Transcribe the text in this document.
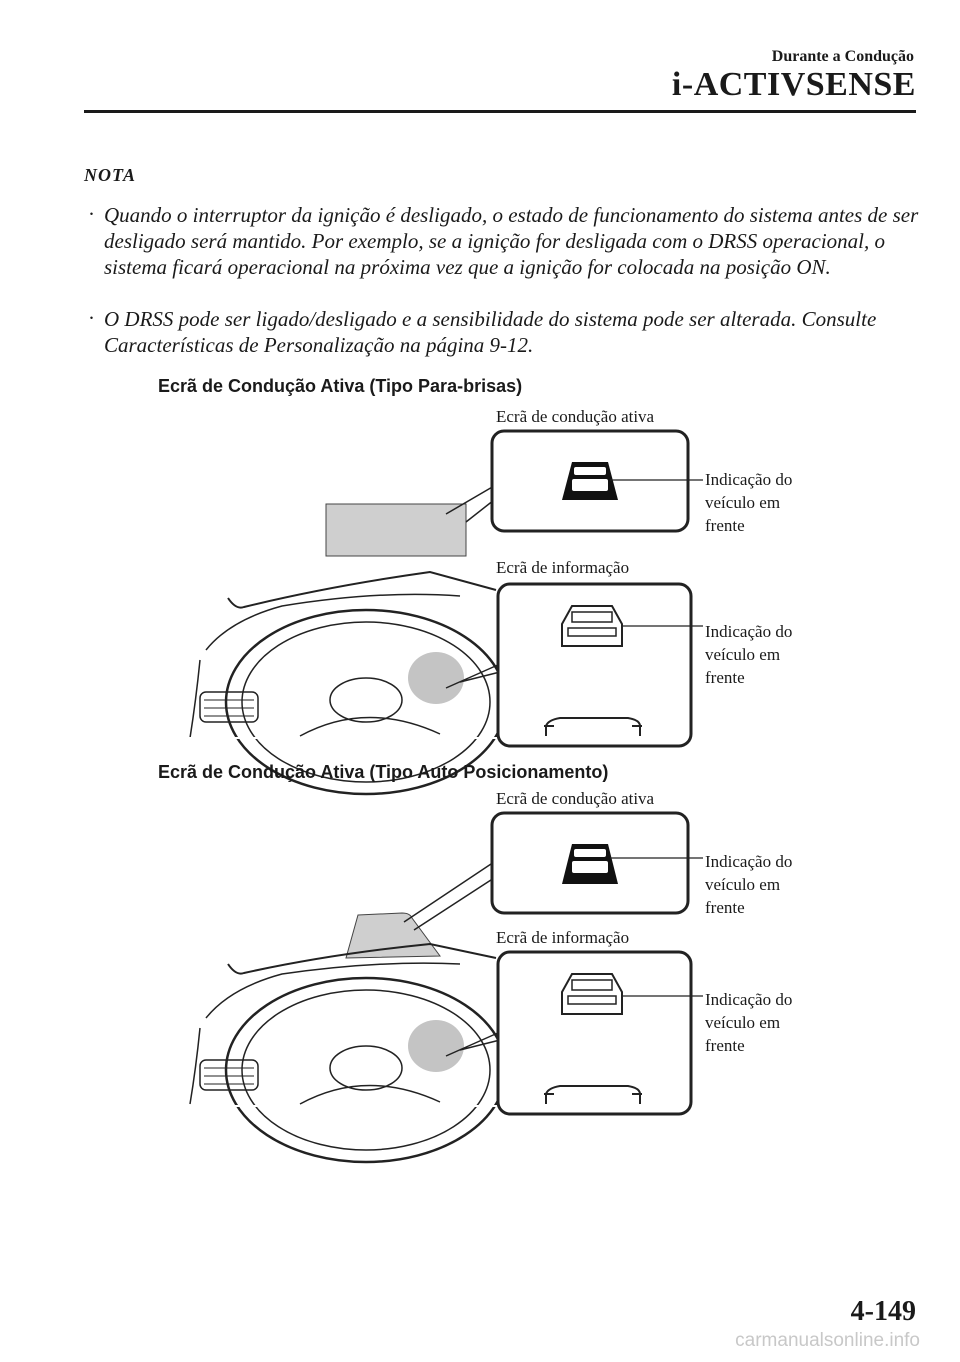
Durante a Condução
i-ACTIVSENSE
NOTA
· Quando o interruptor da ignição é desligado, o estado de funcionamento do sistema antes de ser desligado será mantido. Por exemplo, se a ignição for desligada com o DRSS operacional, o sistema ficará operacional na próxima vez que a ignição for colocada na posição ON.
· O DRSS pode ser ligado/desligado e a sensibilidade do sistema pode ser alterada. Consulte Características de Personalização na página 9-12.
Ecrã de Condução Ativa (Tipo Para-brisas)
Ecrã de condução ativa
Ecrã de informação
Indicação do veículo em frente
Indicação do veículo em frente
Ecrã de Condução Ativa (Tipo Auto Posicionamento)
Ecrã de condução ativa
Ecrã de informação
Indicação do veículo em frente
Indicação do veículo em frente
4-149
carmanualsonline.info
